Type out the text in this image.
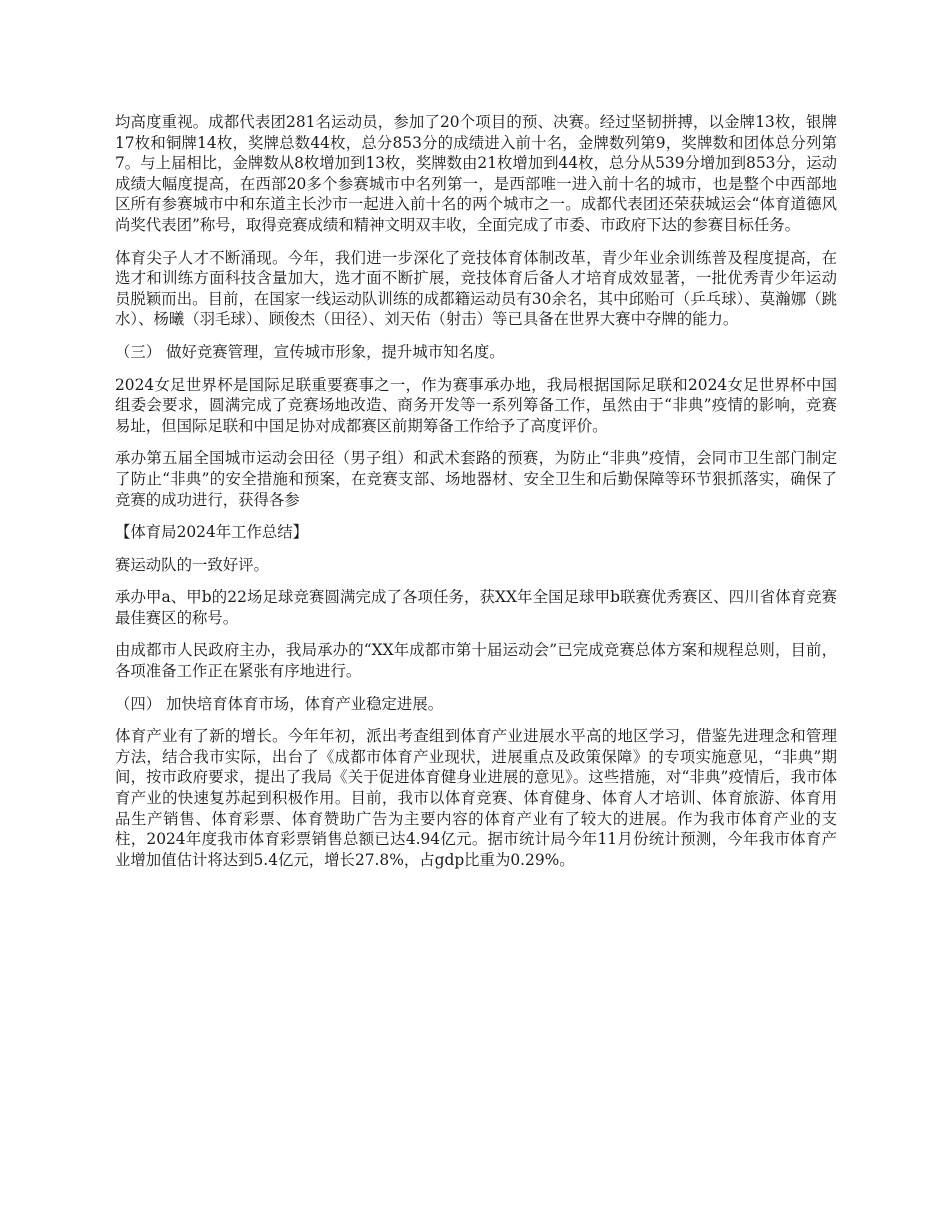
均高度重视。成都代表团281名运动员，参加了20个项目的预、决赛。经过坚韧拼搏，以金牌13枚，银牌17枚和铜牌14枚，奖牌总数44枚，总分853分的成绩进入前十名，金牌数列第9，奖牌数和团体总分列第7。与上届相比，金牌数从8枚增加到13枚，奖牌数由21枚增加到44枚，总分从539分增加到853分，运动成绩大幅度提高，在西部20多个参赛城市中名列第一，是西部唯一进入前十名的城市，也是整个中西部地区所有参赛城市中和东道主长沙市一起进入前十名的两个城市之一。成都代表团还荣获城运会“体育道德风尚奖代表团”称号，取得竞赛成绩和精神文明双丰收，全面完成了市委、市政府下达的参赛目标任务。

体育尖子人才不断涌现。今年，我们进一步深化了竞技体育体制改革，青少年业余训练普及程度提高，在选才和训练方面科技含量加大，选才面不断扩展，竞技体育后备人才培育成效显著，一批优秀青少年运动员脱颖而出。目前，在国家一线运动队训练的成都籍运动员有30余名，其中邱贻可（乒乓球）、莫瀚娜（跳水）、杨曦（羽毛球）、顾俊杰（田径）、刘天佑（射击）等已具备在世界大赛中夺牌的能力。

（三） 做好竞赛管理，宣传城市形象，提升城市知名度。

2024女足世界杯是国际足联重要赛事之一，作为赛事承办地，我局根据国际足联和2024女足世界杯中国组委会要求，圆满完成了竞赛场地改造、商务开发等一系列筹备工作，虽然由于“非典”疫情的影响，竞赛易址，但国际足联和中国足协对成都赛区前期筹备工作给予了高度评价。

承办第五届全国城市运动会田径（男子组）和武术套路的预赛，为防止“非典”疫情，会同市卫生部门制定了防止“非典”的安全措施和预案，在竞赛支部、场地器材、安全卫生和后勤保障等环节狠抓落实，确保了竞赛的成功进行，获得各参

【体育局2024年工作总结】

赛运动队的一致好评。

承办甲a、甲b的22场足球竞赛圆满完成了各项任务，获XX年全国足球甲b联赛优秀赛区、四川省体育竞赛最佳赛区的称号。

由成都市人民政府主办，我局承办的“XX年成都市第十届运动会”已完成竞赛总体方案和规程总则，目前，各项准备工作正在紧张有序地进行。

（四） 加快培育体育市场，体育产业稳定进展。

体育产业有了新的增长。今年年初，派出考查组到体育产业进展水平高的地区学习，借鉴先进理念和管理方法，结合我市实际，出台了《成都市体育产业现状，进展重点及政策保障》的专项实施意见，“非典”期间，按市政府要求，提出了我局《关于促进体育健身业进展的意见》。这些措施，对“非典”疫情后，我市体育产业的快速复苏起到积极作用。目前，我市以体育竞赛、体育健身、体育人才培训、体育旅游、体育用品生产销售、体育彩票、体育赞助广告为主要内容的体育产业有了较大的进展。作为我市体育产业的支柱，2024年度我市体育彩票销售总额已达4.94亿元。据市统计局今年11月份统计预测，今年我市体育产业增加值估计将达到5.4亿元，增长27.8%，占gdp比重为0.29%。
